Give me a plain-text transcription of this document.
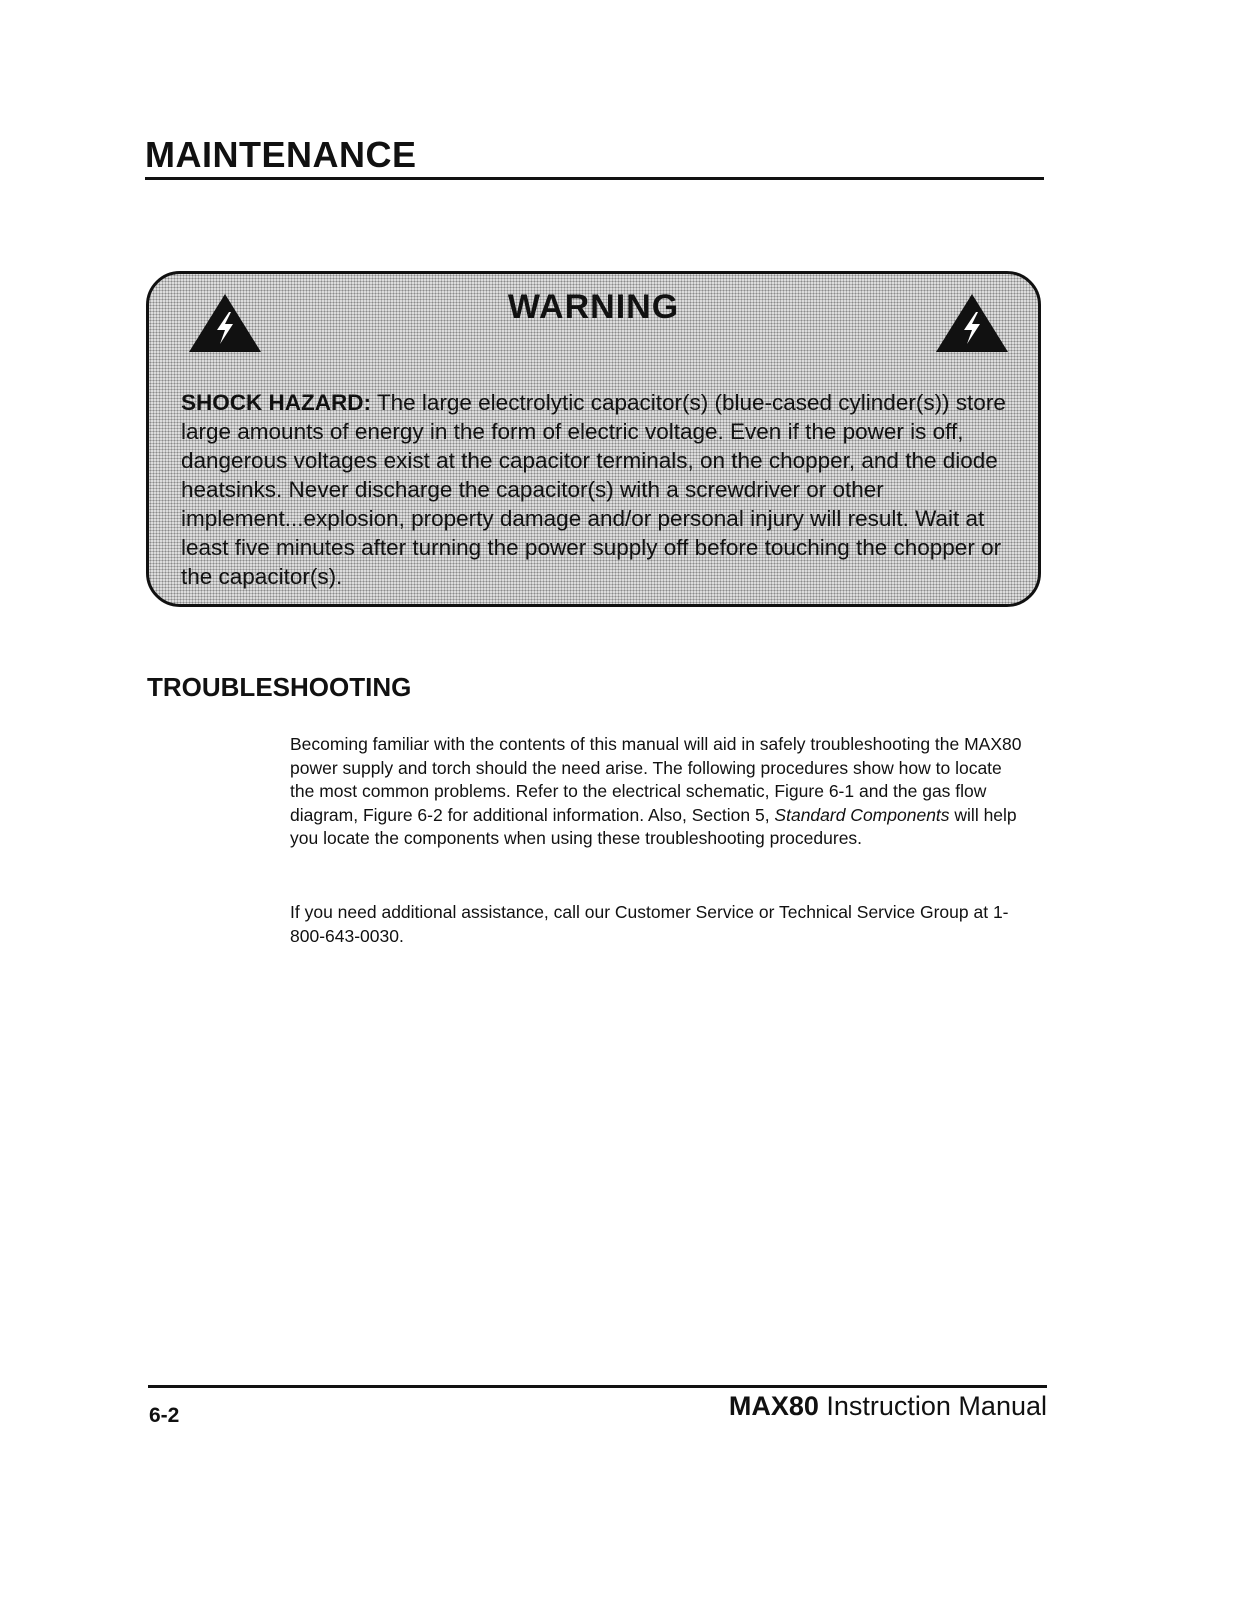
MAINTENANCE
WARNING

SHOCK HAZARD: The large electrolytic capacitor(s) (blue-cased cylinder(s)) store large amounts of energy in the form of electric voltage. Even if the power is off, dangerous voltages exist at the capacitor terminals, on the chopper, and the diode heatsinks. Never discharge the capacitor(s) with a screwdriver or other implement...explosion, property damage and/or personal injury will result. Wait at least five minutes after turning the power supply off before touching the chopper or the capacitor(s).

TROUBLESHOOTING

Becoming familiar with the contents of this manual will aid in safely troubleshooting the MAX80 power supply and torch should the need arise. The following procedures show how to locate the most common problems. Refer to the electrical schematic, Figure 6-1 and the gas flow diagram, Figure 6-2 for additional information. Also, Section 5, Standard Components will help you locate the components when using these troubleshooting procedures.

If you need additional assistance, call our Customer Service or Technical Service Group at 1-800-643-0030.

6-2	MAX80 Instruction Manual
